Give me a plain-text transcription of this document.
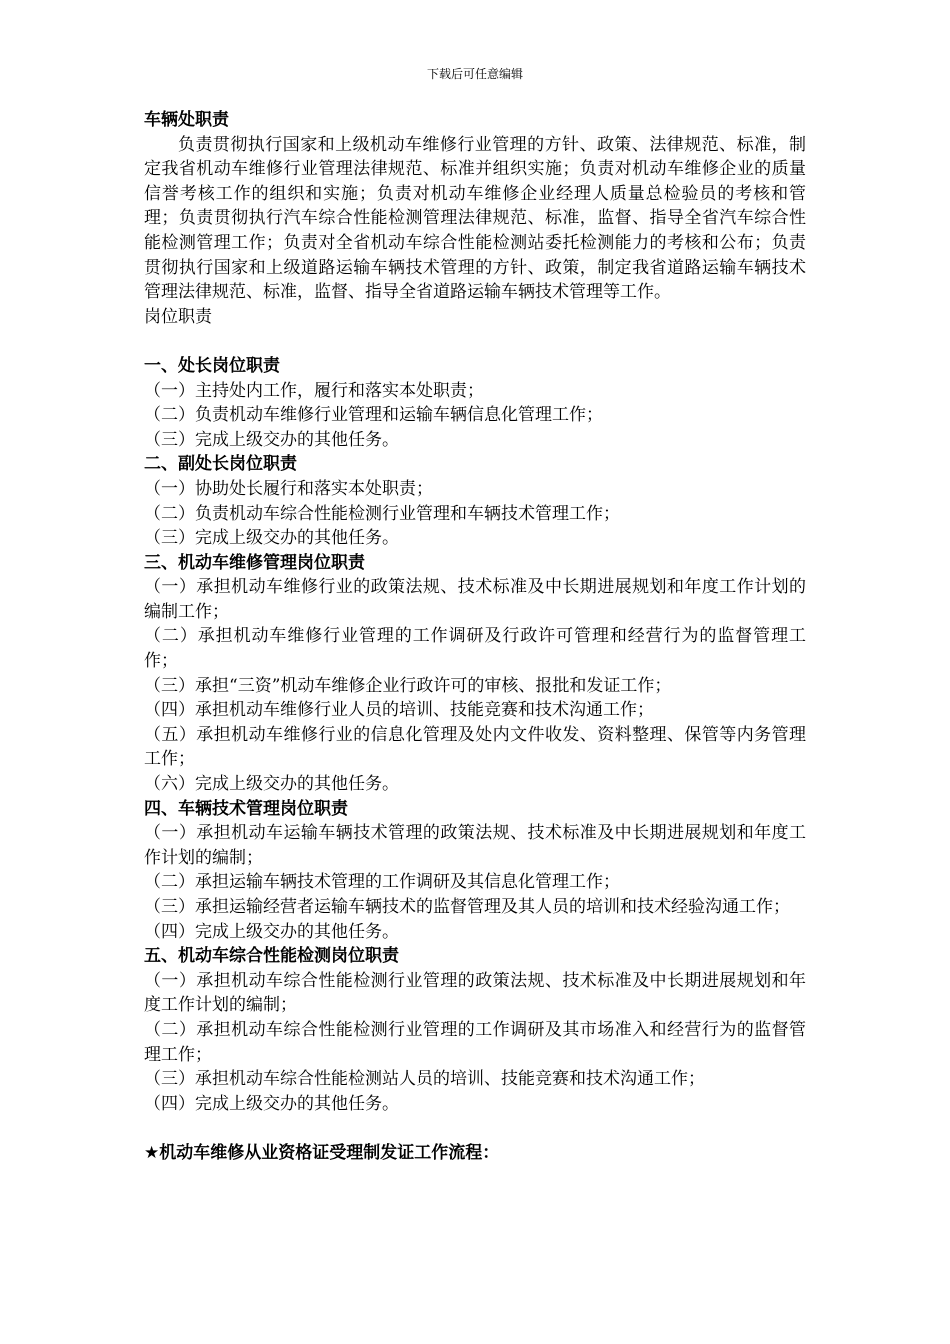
下载后可任意编辑

车辆处职责

负责贯彻执行国家和上级机动车维修行业管理的方针、政策、法律规范、标准，制定我省机动车维修行业管理法律规范、标准并组织实施；负责对机动车维修企业的质量信誉考核工作的组织和实施；负责对机动车维修企业经理人质量总检验员的考核和管理；负责贯彻执行汽车综合性能检测管理法律规范、标准，监督、指导全省汽车综合性能检测管理工作；负责对全省机动车综合性能检测站委托检测能力的考核和公布；负责贯彻执行国家和上级道路运输车辆技术管理的方针、政策，制定我省道路运输车辆技术管理法律规范、标准，监督、指导全省道路运输车辆技术管理等工作。

岗位职责

一、处长岗位职责

（一）主持处内工作，履行和落实本处职责；

（二）负责机动车维修行业管理和运输车辆信息化管理工作；

（三）完成上级交办的其他任务。

二、副处长岗位职责

（一）协助处长履行和落实本处职责；

（二）负责机动车综合性能检测行业管理和车辆技术管理工作；

（三）完成上级交办的其他任务。

三、机动车维修管理岗位职责

（一）承担机动车维修行业的政策法规、技术标准及中长期进展规划和年度工作计划的编制工作；

（二）承担机动车维修行业管理的工作调研及行政许可管理和经营行为的监督管理工作；

（三）承担“三资”机动车维修企业行政许可的审核、报批和发证工作；

（四）承担机动车维修行业人员的培训、技能竞赛和技术沟通工作；

（五）承担机动车维修行业的信息化管理及处内文件收发、资料整理、保管等内务管理工作；

（六）完成上级交办的其他任务。

四、车辆技术管理岗位职责

（一）承担机动车运输车辆技术管理的政策法规、技术标准及中长期进展规划和年度工作计划的编制；

（二）承担运输车辆技术管理的工作调研及其信息化管理工作；

（三）承担运输经营者运输车辆技术的监督管理及其人员的培训和技术经验沟通工作；

（四）完成上级交办的其他任务。

五、机动车综合性能检测岗位职责

（一）承担机动车综合性能检测行业管理的政策法规、技术标准及中长期进展规划和年度工作计划的编制；

（二）承担机动车综合性能检测行业管理的工作调研及其市场准入和经营行为的监督管理工作；

（三）承担机动车综合性能检测站人员的培训、技能竞赛和技术沟通工作；

（四）完成上级交办的其他任务。

★机动车维修从业资格证受理制发证工作流程：
